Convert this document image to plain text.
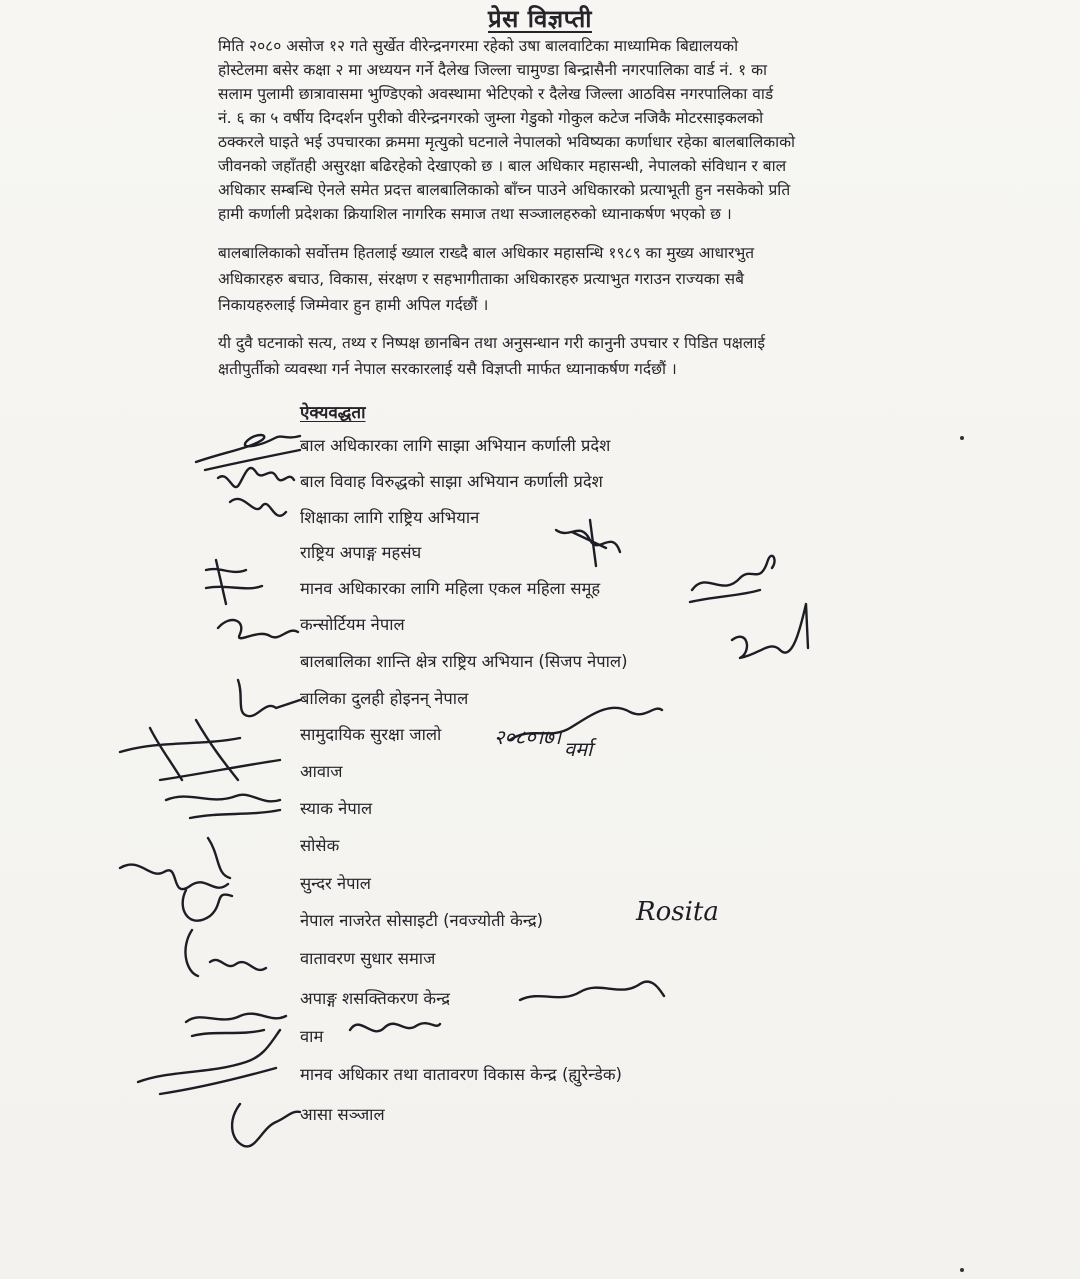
प्रेस विज्ञप्ती

मिति २०८० असोज १२ गते सुर्खेत वीरेन्द्रनगरमा रहेको उषा बालवाटिका माध्यामिक बिद्यालयको
होस्टेलमा बसेर कक्षा २ मा अध्ययन गर्ने दैलेख जिल्ला चामुण्डा बिन्द्रासैनी नगरपालिका वार्ड नं. १ का
सलाम पुलामी छात्रावासमा भुण्डिएको अवस्थामा भेटिएको र दैलेख जिल्ला आठविस नगरपालिका वार्ड
नं. ६ का ५ वर्षीय दिग्दर्शन पुरीको वीरेन्द्रनगरको जुम्ला गेडुको गोकुल कटेज नजिकै मोटरसाइकलको
ठक्करले घाइते भई उपचारका क्रममा मृत्युको घटनाले नेपालको भविष्यका कर्णाधार रहेका बालबालिकाको
जीवनको जहाँतही असुरक्षा बढिरहेको देखाएको छ । बाल अधिकार महासन्धी, नेपालको संविधान र बाल
अधिकार सम्बन्धि ऐनले समेत प्रदत्त बालबालिकाको बाँच्न पाउने अधिकारको प्रत्याभूती हुन नसकेको प्रति
हामी कर्णाली प्रदेशका क्रियाशिल नागरिक समाज तथा सञ्जालहरुको ध्यानाकर्षण भएको छ ।

बालबालिकाको सर्वोत्तम हितलाई ख्याल राख्दै बाल अधिकार महासन्धि १९८९ का मुख्य आधारभुत
अधिकारहरु बचाउ, विकास, संरक्षण र सहभागीताका अधिकारहरु प्रत्याभुत गराउन राज्यका सबै
निकायहरुलाई जिम्मेवार हुन हामी अपिल गर्दछौं ।

यी दुवै घटनाको सत्य, तथ्य र निष्पक्ष छानबिन तथा अनुसन्धान गरी कानुनी उपचार र पिडित पक्षलाई
क्षतीपुर्तीको व्यवस्था गर्न नेपाल सरकारलाई यसै विज्ञप्ती मार्फत ध्यानाकर्षण गर्दछौं ।

ऐक्यवद्धता
बाल अधिकारका लागि साझा अभियान कर्णाली प्रदेश
बाल विवाह विरुद्धको साझा अभियान कर्णाली प्रदेश
शिक्षाका लागि राष्ट्रिय अभियान
राष्ट्रिय अपाङ्ग महसंघ
मानव अधिकारका लागि महिला एकल महिला समूह
कन्सोर्टियम नेपाल
बालबालिका शान्ति क्षेत्र राष्ट्रिय अभियान (सिजप नेपाल)
बालिका दुलही होइनन् नेपाल
सामुदायिक सुरक्षा जालो
आवाज
स्याक नेपाल
सोसेक
सुन्दर नेपाल
नेपाल नाजरेत सोसाइटी (नवज्योती केन्द्र)
वातावरण सुधार समाज
अपाङ्ग शसक्तिकरण केन्द्र
वाम
मानव अधिकार तथा वातावरण विकास केन्द्र (ह्युरेन्डेक)
आसा सञ्जाल
Rosita
२०८०।७। वर्मा
